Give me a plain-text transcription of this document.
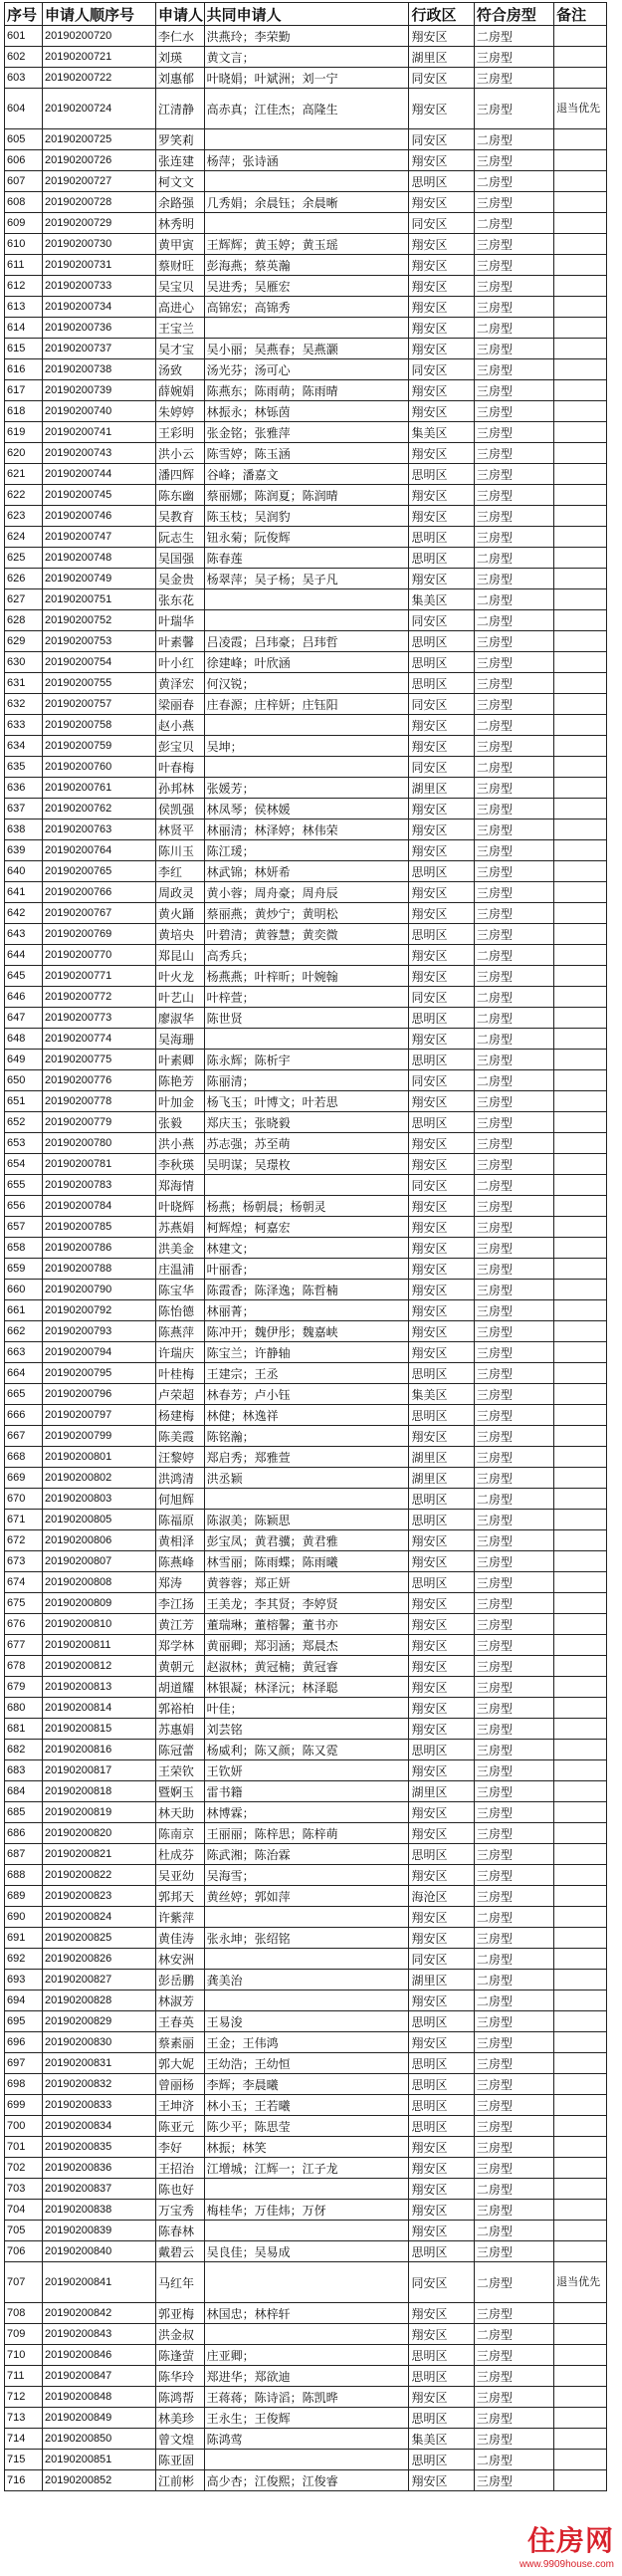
序号	申请人顺序号	申请人	共同申请人	行政区	符合房型	备注
601	20190200720	李仁水	洪燕玲；李荣勤	翔安区	二房型	
602	20190200721	刘瑛	黄文言；	湖里区	三房型	
603	20190200722	刘惠郁	叶晓娟；叶斌洲；刘一宁	同安区	三房型	
604	20190200724	江清静	高赤真；江佳杰；高隆生	翔安区	三房型	退当优先
605	20190200725	罗笑莉		同安区	二房型	
606	20190200726	张连建	杨萍；张诗涵	翔安区	三房型	
607	20190200727	柯文文		思明区	二房型	
608	20190200728	余路强	几秀娟；余晨钰；余晨晰	翔安区	三房型	
609	20190200729	林秀明		同安区	二房型	
610	20190200730	黄甲寅	王辉辉；黄玉婷；黄玉瑶	翔安区	三房型	
611	20190200731	蔡财旺	彭海燕；蔡英瀚	翔安区	三房型	
612	20190200733	吴宝贝	吴进秀；吴雁宏	翔安区	三房型	
613	20190200734	高进心	高锦宏；高锦秀	翔安区	三房型	
614	20190200736	王宝兰		翔安区	二房型	
615	20190200737	吴才宝	吴小丽；吴燕春；吴燕灏	翔安区	三房型	
616	20190200738	汤致	汤光芬；汤可心	同安区	三房型	
617	20190200739	薛婉娟	陈燕东；陈雨萌；陈雨晴	翔安区	三房型	
618	20190200740	朱婷婷	林振永；林铄茵	翔安区	三房型	
619	20190200741	王彩明	张金铭；张雅萍	集美区	三房型	
620	20190200743	洪小云	陈雪婷；陈玉涵	翔安区	三房型	
621	20190200744	潘四辉	谷峰；潘嘉文	思明区	三房型	
622	20190200745	陈东幽	蔡丽娜；陈润夏；陈润晴	翔安区	三房型	
623	20190200746	吴教育	陈玉枝；吴润豹	翔安区	三房型	
624	20190200747	阮志生	钮永菊；阮俊辉	思明区	三房型	
625	20190200748	吴国强	陈春莲	思明区	二房型	
626	20190200749	吴金贵	杨翠萍；吴子杨；吴子凡	翔安区	三房型	
627	20190200751	张东花		集美区	二房型	
628	20190200752	叶瑞华		同安区	二房型	
629	20190200753	叶素馨	吕凌霞；吕玮豪；吕玮哲	思明区	三房型	
630	20190200754	叶小红	徐建峰；叶欣涵	思明区	三房型	
631	20190200755	黄泽宏	何汉锐；	思明区	三房型	
632	20190200757	梁丽春	庄春源；庄梓妍；庄钰阳	同安区	三房型	
633	20190200758	赵小燕		翔安区	二房型	
634	20190200759	彭宝贝	吴坤；	翔安区	三房型	
635	20190200760	叶春梅		同安区	二房型	
636	20190200761	孙邦林	张媛芳；	湖里区	三房型	
637	20190200762	侯凯强	林凤琴；侯林媛	翔安区	三房型	
638	20190200763	林贤平	林丽清；林泽婷；林伟荣	翔安区	三房型	
639	20190200764	陈川玉	陈江瑗；	翔安区	三房型	
640	20190200765	李红	林武锦；林妍希	思明区	三房型	
641	20190200766	周政灵	黄小蓉；周舟豪；周舟辰	翔安区	三房型	
642	20190200767	黄火踊	蔡丽燕；黄炒宁；黄明松	翔安区	三房型	
643	20190200769	黄培央	叶碧清；黄蓉慧；黄奕微	思明区	三房型	
644	20190200770	郑昆山	高秀兵；	翔安区	二房型	
645	20190200771	叶火龙	杨燕燕；叶梓昕；叶婉翰	翔安区	三房型	
646	20190200772	叶艺山	叶梓萱；	同安区	二房型	
647	20190200773	廖淑华	陈世贤	思明区	二房型	
648	20190200774	吴海珊		翔安区	二房型	
649	20190200775	叶素卿	陈永辉；陈析宇	思明区	三房型	
650	20190200776	陈艳芳	陈丽清；	同安区	二房型	
651	20190200778	叶加金	杨飞玉；叶博文；叶若思	翔安区	三房型	
652	20190200779	张毅	郑庆玉；张晓毅	思明区	三房型	
653	20190200780	洪小燕	苏志强；苏至萌	翔安区	三房型	
654	20190200781	李秋瑛	吴明谋；吴璟枚	翔安区	三房型	
655	20190200783	郑海情		同安区	二房型	
656	20190200784	叶晓辉	杨燕；杨朝晨；杨朝灵	翔安区	三房型	
657	20190200785	苏燕娟	柯辉煌；柯嘉宏	翔安区	三房型	
658	20190200786	洪美金	林建文；	翔安区	三房型	
659	20190200788	庄温浦	叶丽香；	翔安区	三房型	
660	20190200790	陈宝华	陈霞香；陈泽逸；陈哲楠	翔安区	三房型	
661	20190200792	陈怡德	林丽菁；	翔安区	三房型	
662	20190200793	陈燕萍	陈冲开；魏伊彤；魏嘉峡	翔安区	三房型	
663	20190200794	许瑞庆	陈宝兰；许静轴	翔安区	三房型	
664	20190200795	叶桂梅	王建宗；王丞	思明区	三房型	
665	20190200796	卢荣超	林春芳；卢小钰	集美区	三房型	
666	20190200797	杨建梅	林健；林逸祥	思明区	三房型	
667	20190200799	陈美霞	陈铭瀚；	翔安区	三房型	
668	20190200801	汪黎婷	郑启秀；郑雅萱	湖里区	三房型	
669	20190200802	洪鸿清	洪丞颖	湖里区	三房型	
670	20190200803	何旭辉		思明区	二房型	
671	20190200805	陈福原	陈淑美；陈颖思	思明区	三房型	
672	20190200806	黄相泽	彭宝凤；黄君骥；黄君雅	翔安区	三房型	
673	20190200807	陈燕峰	林雪丽；陈雨蝶；陈雨曦	翔安区	三房型	
674	20190200808	郑涛	黄蓉蓉；郑正妍	思明区	三房型	
675	20190200809	李江扬	王美龙；李其贤；李婷贤	翔安区	三房型	
676	20190200810	黄江芳	董瑞琳；董榕馨；董书亦	翔安区	三房型	
677	20190200811	郑学林	黄丽卿；郑羽涵；郑晨杰	翔安区	三房型	
678	20190200812	黄朝元	赵淑林；黄冠楠；黄冠睿	翔安区	三房型	
679	20190200813	胡道耀	林银凝；林泽沅；林泽聪	翔安区	三房型	
680	20190200814	郭裕柏	叶佳；	翔安区	三房型	
681	20190200815	苏惠娟	刘芸铭	翔安区	三房型	
682	20190200816	陈冠蕾	杨威利；陈又颜；陈又霓	思明区	三房型	
683	20190200817	王荣钦	王钦妍	翔安区	三房型	
684	20190200818	暨婀玉	雷书籍	湖里区	三房型	
685	20190200819	林天助	林博霖；	翔安区	三房型	
686	20190200820	陈南京	王丽丽；陈梓思；陈梓萌	翔安区	三房型	
687	20190200821	杜成芬	陈武湘；陈治霖	思明区	三房型	
688	20190200822	吴亚幼	吴海雪；	翔安区	三房型	
689	20190200823	郭邦天	黄丝婷；郭如萍	海沧区	三房型	
690	20190200824	许紫萍		翔安区	二房型	
691	20190200825	黄佳涛	张永坤；张绍铭	翔安区	三房型	
692	20190200826	林安洲		同安区	二房型	
693	20190200827	彭岳鹏	龚美治	湖里区	二房型	
694	20190200828	林淑芳		翔安区	二房型	
695	20190200829	王春英	王易浚	思明区	三房型	
696	20190200830	蔡素丽	王金；王伟鸿	翔安区	三房型	
697	20190200831	郭大妮	王幼浩；王幼恒	思明区	三房型	
698	20190200832	曾丽杨	李辉；李晨曦	思明区	三房型	
699	20190200833	王坤济	林小玉；王若曦	思明区	三房型	
700	20190200834	陈亚元	陈少平；陈思莹	思明区	三房型	
701	20190200835	李好	林振；林笑	翔安区	三房型	
702	20190200836	王招治	江增城；江辉一；江子龙	翔安区	三房型	
703	20190200837	陈也好		翔安区	二房型	
704	20190200838	万宝秀	梅桂华；万佳炜；万伢	翔安区	三房型	
705	20190200839	陈春林		翔安区	二房型	
706	20190200840	戴碧云	吴良佳；吴易成	思明区	三房型	
707	20190200841	马红年		同安区	二房型	退当优先
708	20190200842	郭亚梅	林国忠；林梓轩	翔安区	三房型	
709	20190200843	洪金叔		翔安区	二房型	
710	20190200846	陈逢萤	庄亚卿；	思明区	三房型	
711	20190200847	陈华玲	郑进华；郑欲迪	思明区	三房型	
712	20190200848	陈鸿帮	王蒋蒋；陈诗滔；陈凯晔	翔安区	三房型	
713	20190200849	林美珍	王永生；王俊辉	思明区	三房型	
714	20190200850	曾文煌	陈鸿莺	集美区	三房型	
715	20190200851	陈亚固		思明区	二房型	
716	20190200852	江前彬	高少杏；江俊熙；江俊睿	翔安区	三房型	
住房网
www.9909house.com
